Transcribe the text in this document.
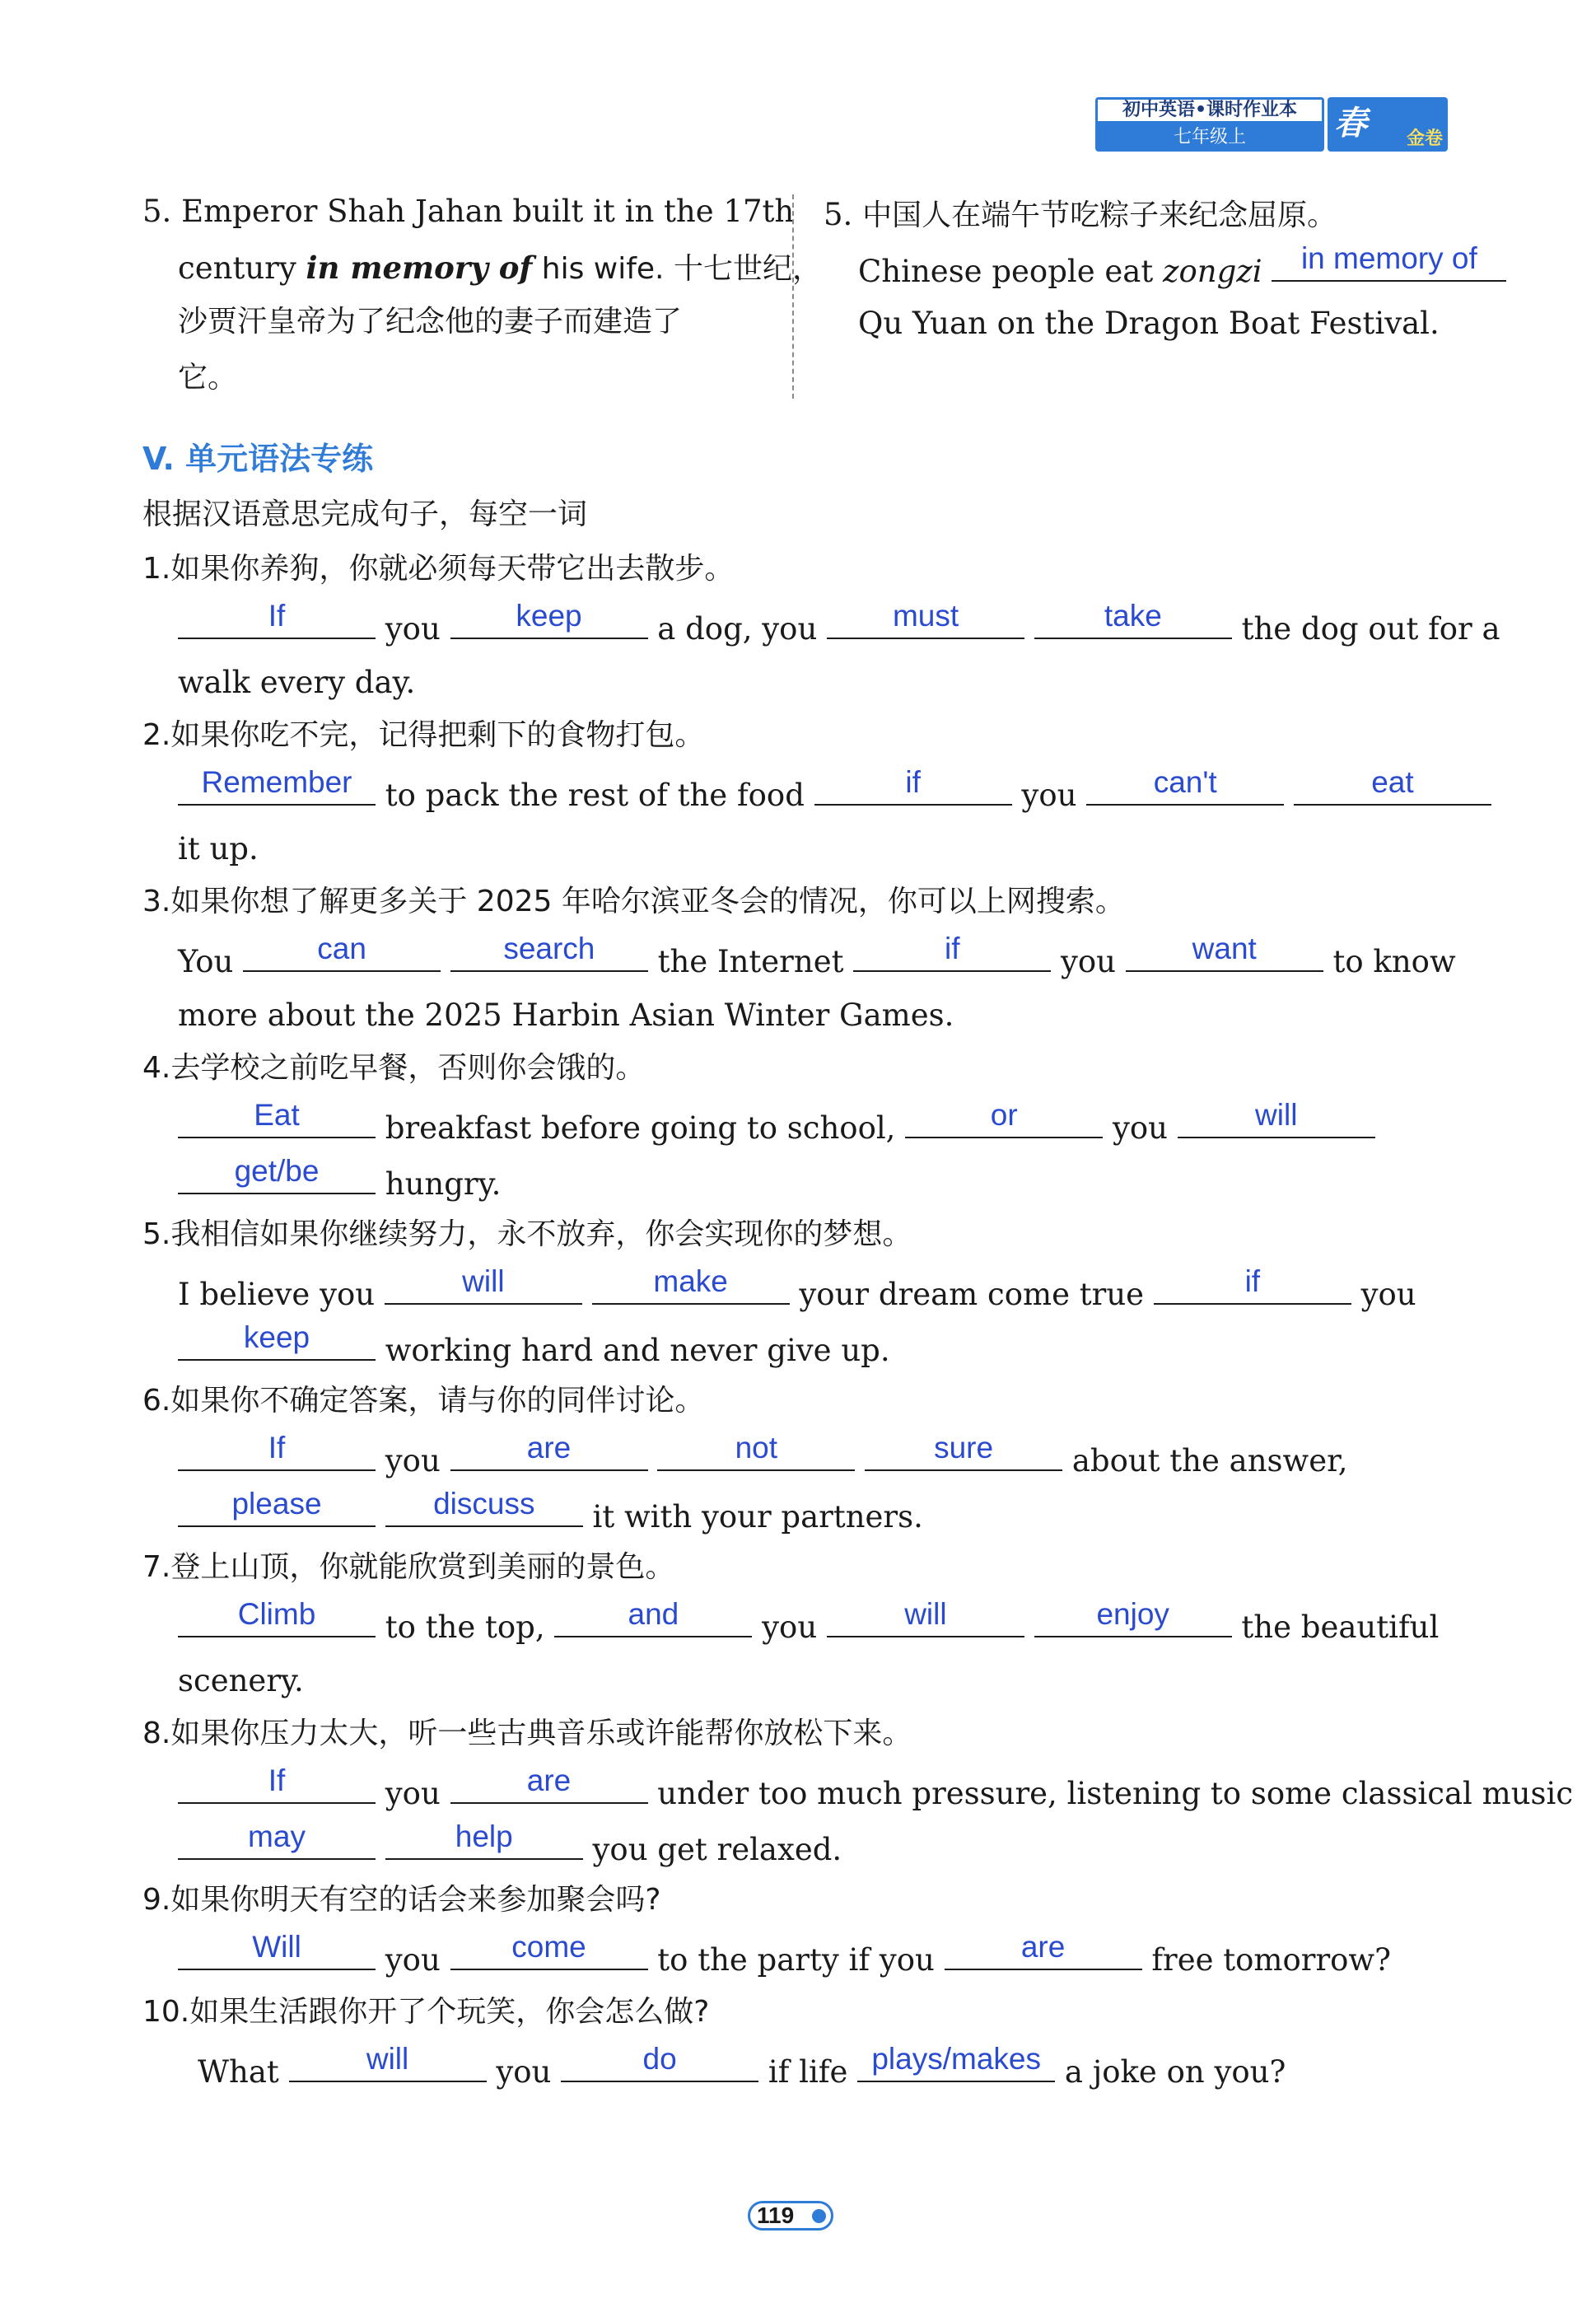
初中英语•课时作业本
七年级上	春 金卷
5. Emperor Shah Jahan built it in the 17th
century in memory of his wife. 十七世纪，
沙贾汗皇帝为了纪念他的妻子而建造了
它。
5. 中国人在端午节吃粽子来纪念屈原。
Chinese people eat zongzi	in memory of
Qu Yuan on the Dragon Boat Festival.
V. 单元语法专练
根据汉语意思完成句子，每空一词
1.如果你养狗，你就必须每天带它出去散步。
If	you	keep	a dog, you	must
	take	the dog out for a
walk every day.
2.如果你吃不完，记得把剩下的食物打包。
Remember to pack the rest of the food	if	you	can't
	eat
it up.
3.如果你想了解更多关于 2025 年哈尔滨亚冬会的情况，你可以上网搜索。
You	can
	search	the Internet	if	you	want	to know
more about the 2025 Harbin Asian Winter Games.
4.去学校之前吃早餐，否则你会饿的。
Eat	breakfast before going to school,	or	you	will
get/be	hungry.
5.我相信如果你继续努力，永不放弃，你会实现你的梦想。
I believe you	will
	make	your dream come true	if	you
keep	working hard and never give up.
6.如果你不确定答案，请与你的同伴讨论。
If	you	are
	not
	sure	about the answer,
please
	discuss	it with your partners.
7.登上山顶，你就能欣赏到美丽的景色。
Climb	to the top,	and	you	will
	enjoy	the beautiful
scenery.
8.如果你压力太大，听一些古典音乐或许能帮你放松下来。
If	you	are	under too much pressure, listening to some classical music
may
	help	you get relaxed.
9.如果你明天有空的话会来参加聚会吗?
Will	you	come	to the party if you	are	free tomorrow?
10.如果生活跟你开了个玩笑，你会怎么做?
What	will	you	do	if life plays/makes a joke on you?
119
